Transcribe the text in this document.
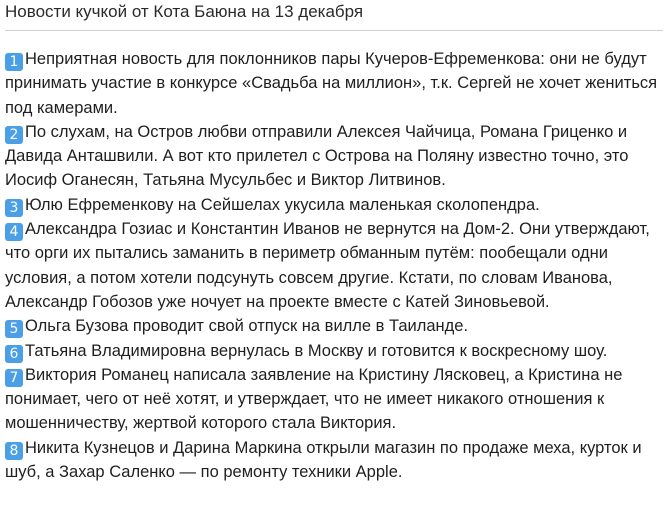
Новости кучкой от Кота Баюна на 13 декабря
1 Неприятная новость для поклонников пары Кучеров-Ефременкова: они не будут принимать участие в конкурсе «Свадьба на миллион», т.к. Сергей не хочет жениться под камерами.
2 По слухам, на Остров любви отправили Алексея Чайчица, Романа Гриценко и Давида Анташвили. А вот кто прилетел с Острова на Поляну известно точно, это Иосиф Оганесян, Татьяна Мусульбес и Виктор Литвинов.
3 Юлю Ефременкову на Сейшелах укусила маленькая сколопендра.
4 Александра Гозиас и Константин Иванов не вернутся на Дом-2. Они утверждают, что орги их пытались заманить в периметр обманным путём: пообещали одни условия, а потом хотели подсунуть совсем другие. Кстати, по словам Иванова, Александр Гобозов уже ночует на проекте вместе с Катей Зиновьевой.
5 Ольга Бузова проводит свой отпуск на вилле в Таиланде.
6 Татьяна Владимировна вернулась в Москву и готовится к воскресному шоу.
7 Виктория Романец написала заявление на Кристину Лясковец, а Кристина не понимает, чего от неё хотят, и утверждает, что не имеет никакого отношения к мошенничеству, жертвой которого стала Виктория.
8 Никита Кузнецов и Дарина Маркина открыли магазин по продаже меха, курток и шуб, а Захар Саленко — по ремонту техники Apple.
